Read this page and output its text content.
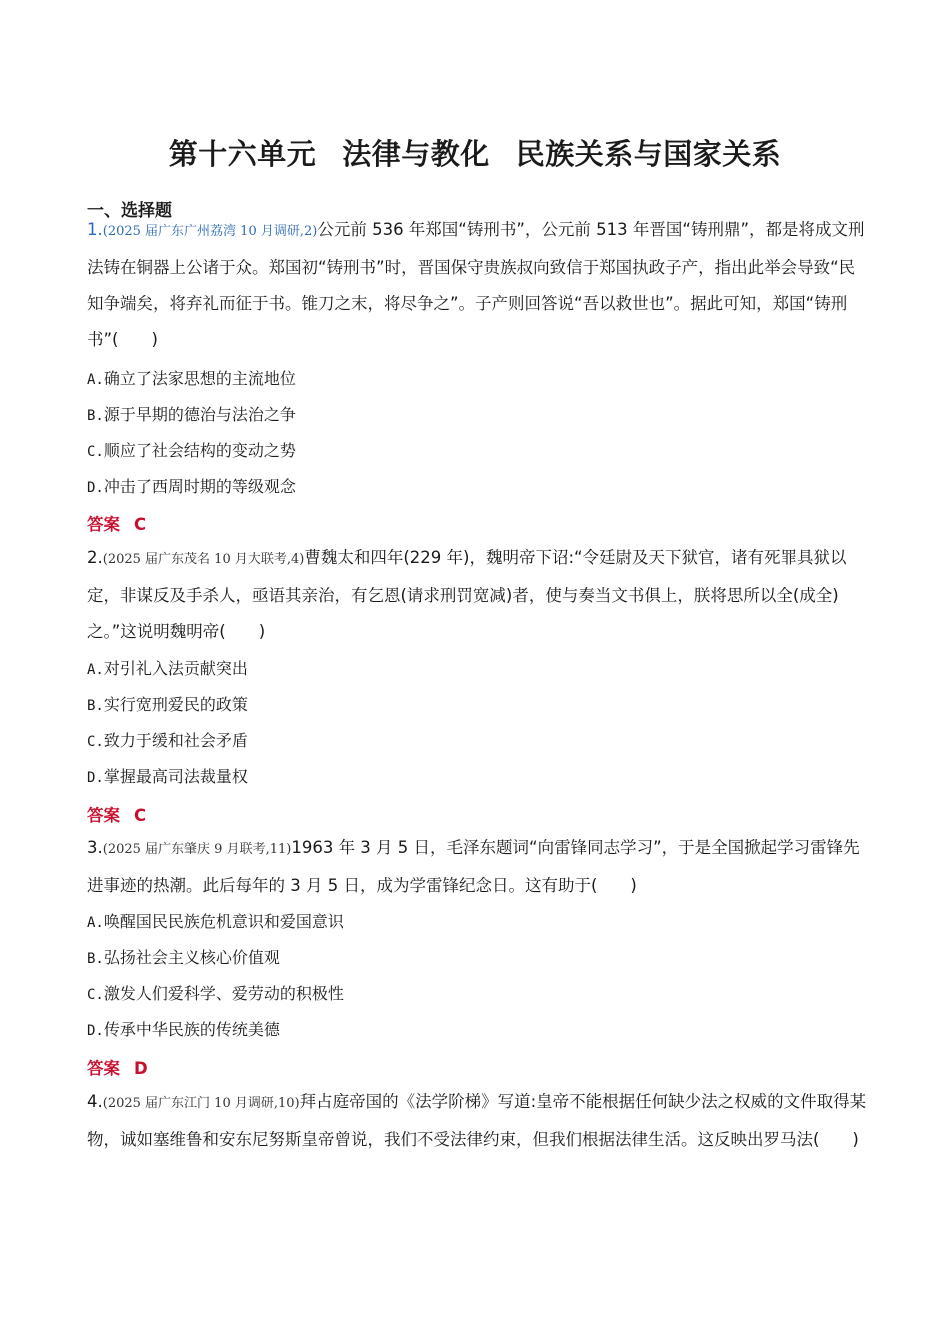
第十六单元 法律与教化 民族关系与国家关系
一、选择题
1.(2025 届广东广州荔湾 10 月调研,2)公元前 536 年郑国“铸刑书”，公元前 513 年晋国“铸刑鼎”，都是将成文刑法铸在铜器上公诸于众。郑国初“铸刑书”时，晋国保守贵族叔向致信于郑国执政子产，指出此举会导致“民知争端矣，将弃礼而征于书。锥刀之末，将尽争之”。子产则回答说“吾以救世也”。据此可知，郑国“铸刑书”(　　)
A.确立了法家思想的主流地位
B.源于早期的德治与法治之争
C.顺应了社会结构的变动之势
D.冲击了西周时期的等级观念
答案 C
2.(2025 届广东茂名 10 月大联考,4)曹魏太和四年(229 年)，魏明帝下诏:“令廷尉及天下狱官，诸有死罪具狱以定，非谋反及手杀人，亟语其亲治，有乞恩(请求刑罚宽减)者，使与奏当文书俱上，朕将思所以全(成全)之。”这说明魏明帝(　　)
A.对引礼入法贡献突出
B.实行宽刑爱民的政策
C.致力于缓和社会矛盾
D.掌握最高司法裁量权
答案 C
3.(2025 届广东肇庆 9 月联考,11)1963 年 3 月 5 日，毛泽东题词“向雷锋同志学习”，于是全国掀起学习雷锋先进事迹的热潮。此后每年的 3 月 5 日，成为学雷锋纪念日。这有助于(　　)
A.唤醒国民民族危机意识和爱国意识
B.弘扬社会主义核心价值观
C.激发人们爱科学、爱劳动的积极性
D.传承中华民族的传统美德
答案 D
4.(2025 届广东江门 10 月调研,10)拜占庭帝国的《法学阶梯》写道:皇帝不能根据任何缺少法之权威的文件取得某物，诚如塞维鲁和安东尼努斯皇帝曾说，我们不受法律约束，但我们根据法律生活。这反映出罗马法(　　)
